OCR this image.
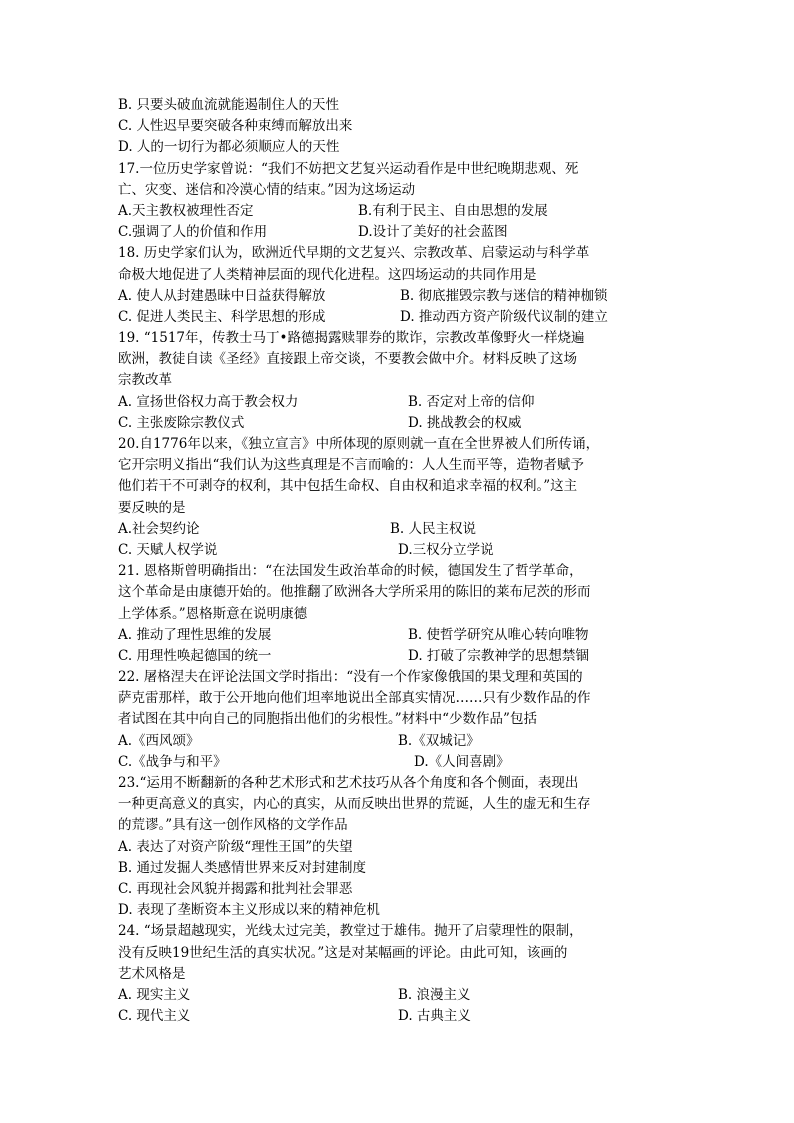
B. 只要头破血流就能遏制住人的天性
C. 人性迟早要突破各种束缚而解放出来
D. 人的一切行为都必须顺应人的天性
17.一位历史学家曾说：“我们不妨把文艺复兴运动看作是中世纪晚期悲观、死
亡、灾变、迷信和冷漠心情的结束。”因为这场运动
A.天主教权被理性否定	B.有利于民主、自由思想的发展
C.强调了人的价值和作用	D.设计了美好的社会蓝图
18. 历史学家们认为，欧洲近代早期的文艺复兴、宗教改革、启蒙运动与科学革
命极大地促进了人类精神层面的现代化进程。这四场运动的共同作用是
A. 使人从封建愚昧中日益获得解放	B. 彻底摧毁宗教与迷信的精神枷锁
C. 促进人类民主、科学思想的形成	D. 推动西方资产阶级代议制的建立
19. “1517年，传教士马丁•路德揭露赎罪券的欺诈，宗教改革像野火一样烧遍
欧洲，教徒自读《圣经》直接跟上帝交谈，不要教会做中介。材料反映了这场
宗教改革
A. 宣扬世俗权力高于教会权力	B. 否定对上帝的信仰
C. 主张废除宗教仪式	D. 挑战教会的权威
20.自1776年以来，《独立宣言》中所体现的原则就一直在全世界被人们所传诵，
它开宗明义指出“我们认为这些真理是不言而喻的：人人生而平等，造物者赋予
他们若干不可剥夺的权利，其中包括生命权、自由权和追求幸福的权利。”这主
要反映的是
A.社会契约论	B. 人民主权说
C. 天赋人权学说	D.三权分立学说
21. 恩格斯曾明确指出：“在法国发生政治革命的时候，德国发生了哲学革命，
这个革命是由康德开始的。他推翻了欧洲各大学所采用的陈旧的莱布尼茨的形而
上学体系。”恩格斯意在说明康德
A. 推动了理性思维的发展	B. 使哲学研究从唯心转向唯物
C. 用理性唤起德国的统一	D. 打破了宗教神学的思想禁锢
22. 屠格涅夫在评论法国文学时指出：“没有一个作家像俄国的果戈理和英国的
萨克雷那样，敢于公开地向他们坦率地说出全部真实情况……只有少数作品的作
者试图在其中向自己的同胞指出他们的劣根性。”材料中“少数作品”包括
A.《西风颂》	B.《双城记》
C.《战争与和平》	D.《人间喜剧》
23.“运用不断翻新的各种艺术形式和艺术技巧从各个角度和各个侧面，表现出
一种更高意义的真实，内心的真实，从而反映出世界的荒诞，人生的虚无和生存
的荒谬。”具有这一创作风格的文学作品
A. 表达了对资产阶级“理性王国”的失望
B. 通过发掘人类感情世界来反对封建制度
C. 再现社会风貌并揭露和批判社会罪恶
D. 表现了垄断资本主义形成以来的精神危机
24. “场景超越现实，光线太过完美，教堂过于雄伟。抛开了启蒙理性的限制，
没有反映19世纪生活的真实状况。”这是对某幅画的评论。由此可知，该画的
艺术风格是
A. 现实主义	B. 浪漫主义
C. 现代主义	D. 古典主义
